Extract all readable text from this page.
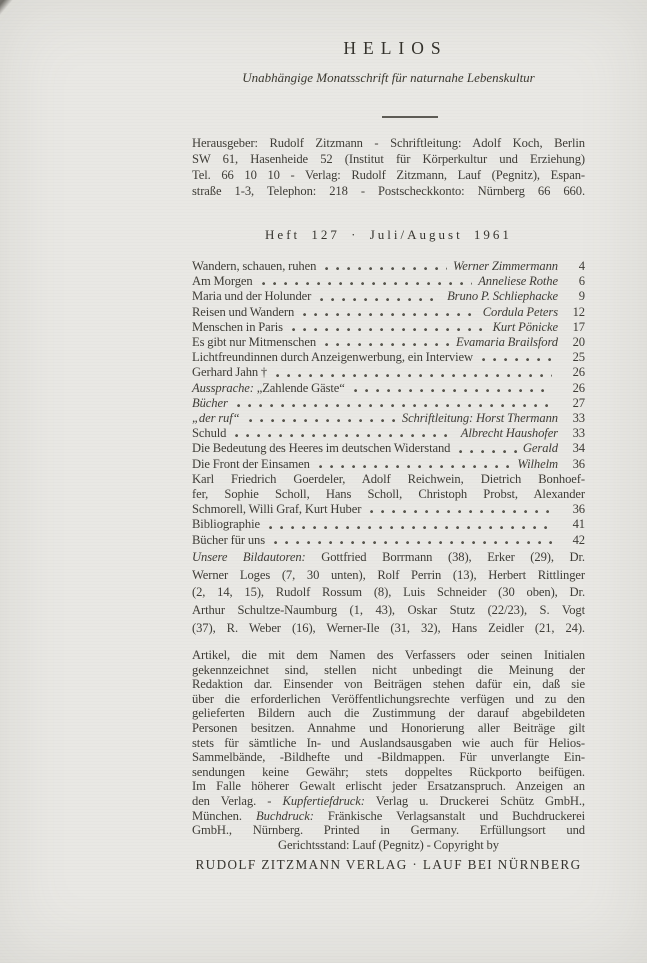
HELIOS
Unabhängige Monatsschrift für naturnahe Lebenskultur
Herausgeber: Rudolf Zitzmann - Schriftleitung: Adolf Koch, Berlin
SW 61, Hasenheide 52 (Institut für Körperkultur und Erziehung)
Tel. 66 10 10 - Verlag: Rudolf Zitzmann, Lauf (Pegnitz), Espan-
straße 1-3, Telephon: 218 - Postscheckkonto: Nürnberg 66 660.
Heft 127 · Juli/August 1961
Wandern, schauen, ruhen	Werner Zimmermann	4
Am Morgen	Anneliese Rothe	6
Maria und der Holunder	Bruno P. Schliephacke	9
Reisen und Wandern	Cordula Peters	12
Menschen in Paris	Kurt Pönicke	17
Es gibt nur Mitmenschen	Evamaria Brailsford	20
Lichtfreundinnen durch Anzeigenwerbung, ein Interview	25
Gerhard Jahn †	26
Aussprache: „Zahlende Gäste“	26
Bücher	27
„der ruf“	Schriftleitung: Horst Thermann	33
Schuld	Albrecht Haushofer	33
Die Bedeutung des Heeres im deutschen Widerstand	Gerald	34
Die Front der Einsamen	Wilhelm	36
Karl Friedrich Goerdeler, Adolf Reichwein, Dietrich Bonhoef-
fer, Sophie Scholl, Hans Scholl, Christoph Probst, Alexander
Schmorell, Willi Graf, Kurt Huber	36
Bibliographie	41
Bücher für uns	42
Unsere Bildautoren: Gottfried Borrmann (38), Erker (29), Dr.
Werner Loges (7, 30 unten), Rolf Perrin (13), Herbert Rittlinger
(2, 14, 15), Rudolf Rossum (8), Luis Schneider (30 oben), Dr.
Arthur Schultze-Naumburg (1, 43), Oskar Stutz (22/23), S. Vogt
(37), R. Weber (16), Werner-Ile (31, 32), Hans Zeidler (21, 24).
Artikel, die mit dem Namen des Verfassers oder seinen Initialen
gekennzeichnet sind, stellen nicht unbedingt die Meinung der
Redaktion dar. Einsender von Beiträgen stehen dafür ein, daß sie
über die erforderlichen Veröffentlichungsrechte verfügen und zu den
gelieferten Bildern auch die Zustimmung der darauf abgebildeten
Personen besitzen. Annahme und Honorierung aller Beiträge gilt
stets für sämtliche In- und Auslandsausgaben wie auch für Helios-
Sammelbände, -Bildhefte und -Bildmappen. Für unverlangte Ein-
sendungen keine Gewähr; stets doppeltes Rückporto beifügen.
Im Falle höherer Gewalt erlischt jeder Ersatzanspruch. Anzeigen an
den Verlag. - Kupfertiefdruck: Verlag u. Druckerei Schütz GmbH.,
München. Buchdruck: Fränkische Verlagsanstalt und Buchdruckerei
GmbH., Nürnberg. Printed in Germany. Erfüllungsort und
Gerichtsstand: Lauf (Pegnitz) - Copyright by
RUDOLF ZITZMANN VERLAG · LAUF BEI NÜRNBERG
